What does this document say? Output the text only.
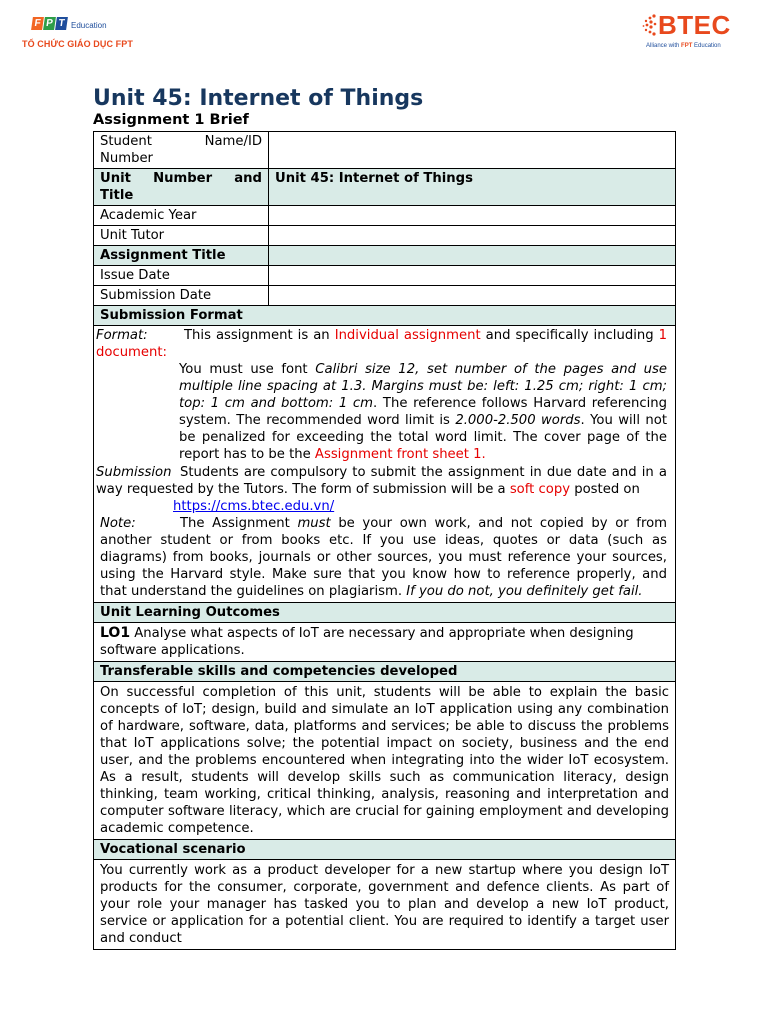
F P T Education
TỔ CHỨC GIÁO DỤC FPT
BTEC
Alliance with FPT Education
Unit 45: Internet of Things
Assignment 1 Brief
Student Name/ID Number	
Unit Number and Title	Unit 45: Internet of Things
Academic Year	
Unit Tutor	
Assignment Title	
Issue Date	
Submission Date	
Submission Format	

Format: This assignment is an Individual assignment and specifically including 1 document:
You must use font Calibri size 12, set number of the pages and use multiple line spacing at 1.3. Margins must be: left: 1.25 cm; right: 1 cm; top: 1 cm and bottom: 1 cm. The reference follows Harvard referencing system. The recommended word limit is 2.000-2.500 words. You will not be penalized for exceeding the total word limit. The cover page of the report has to be the Assignment front sheet 1.
Submission Students are compulsory to submit the assignment in due date and in a way requested by the Tutors. The form of submission will be a soft copy posted on
https://cms.btec.edu.vn/
Note: The Assignment must be your own work, and not copied by or from another student or from books etc. If you use ideas, quotes or data (such as diagrams) from books, journals or other sources, you must reference your sources, using the Harvard style. Make sure that you know how to reference properly, and that understand the guidelines on plagiarism. If you do not, you definitely get fail.	

Unit Learning Outcomes	
LO1 Analyse what aspects of IoT are necessary and appropriate when designing software applications.	
Transferable skills and competencies developed	
On successful completion of this unit, students will be able to explain the basic concepts of IoT; design, build and simulate an IoT application using any combination of hardware, software, data, platforms and services; be able to discuss the problems that IoT applications solve; the potential impact on society, business and the end user, and the problems encountered when integrating into the wider IoT ecosystem. As a result, students will develop skills such as communication literacy, design thinking, team working, critical thinking, analysis, reasoning and interpretation and computer software literacy, which are crucial for gaining employment and developing academic competence.	
Vocational scenario	
You currently work as a product developer for a new startup where you design IoT products for the consumer, corporate, government and defence clients. As part of your role your manager has tasked you to plan and develop a new IoT product, service or application for a potential client. You are required to identify a target user and conduct	
